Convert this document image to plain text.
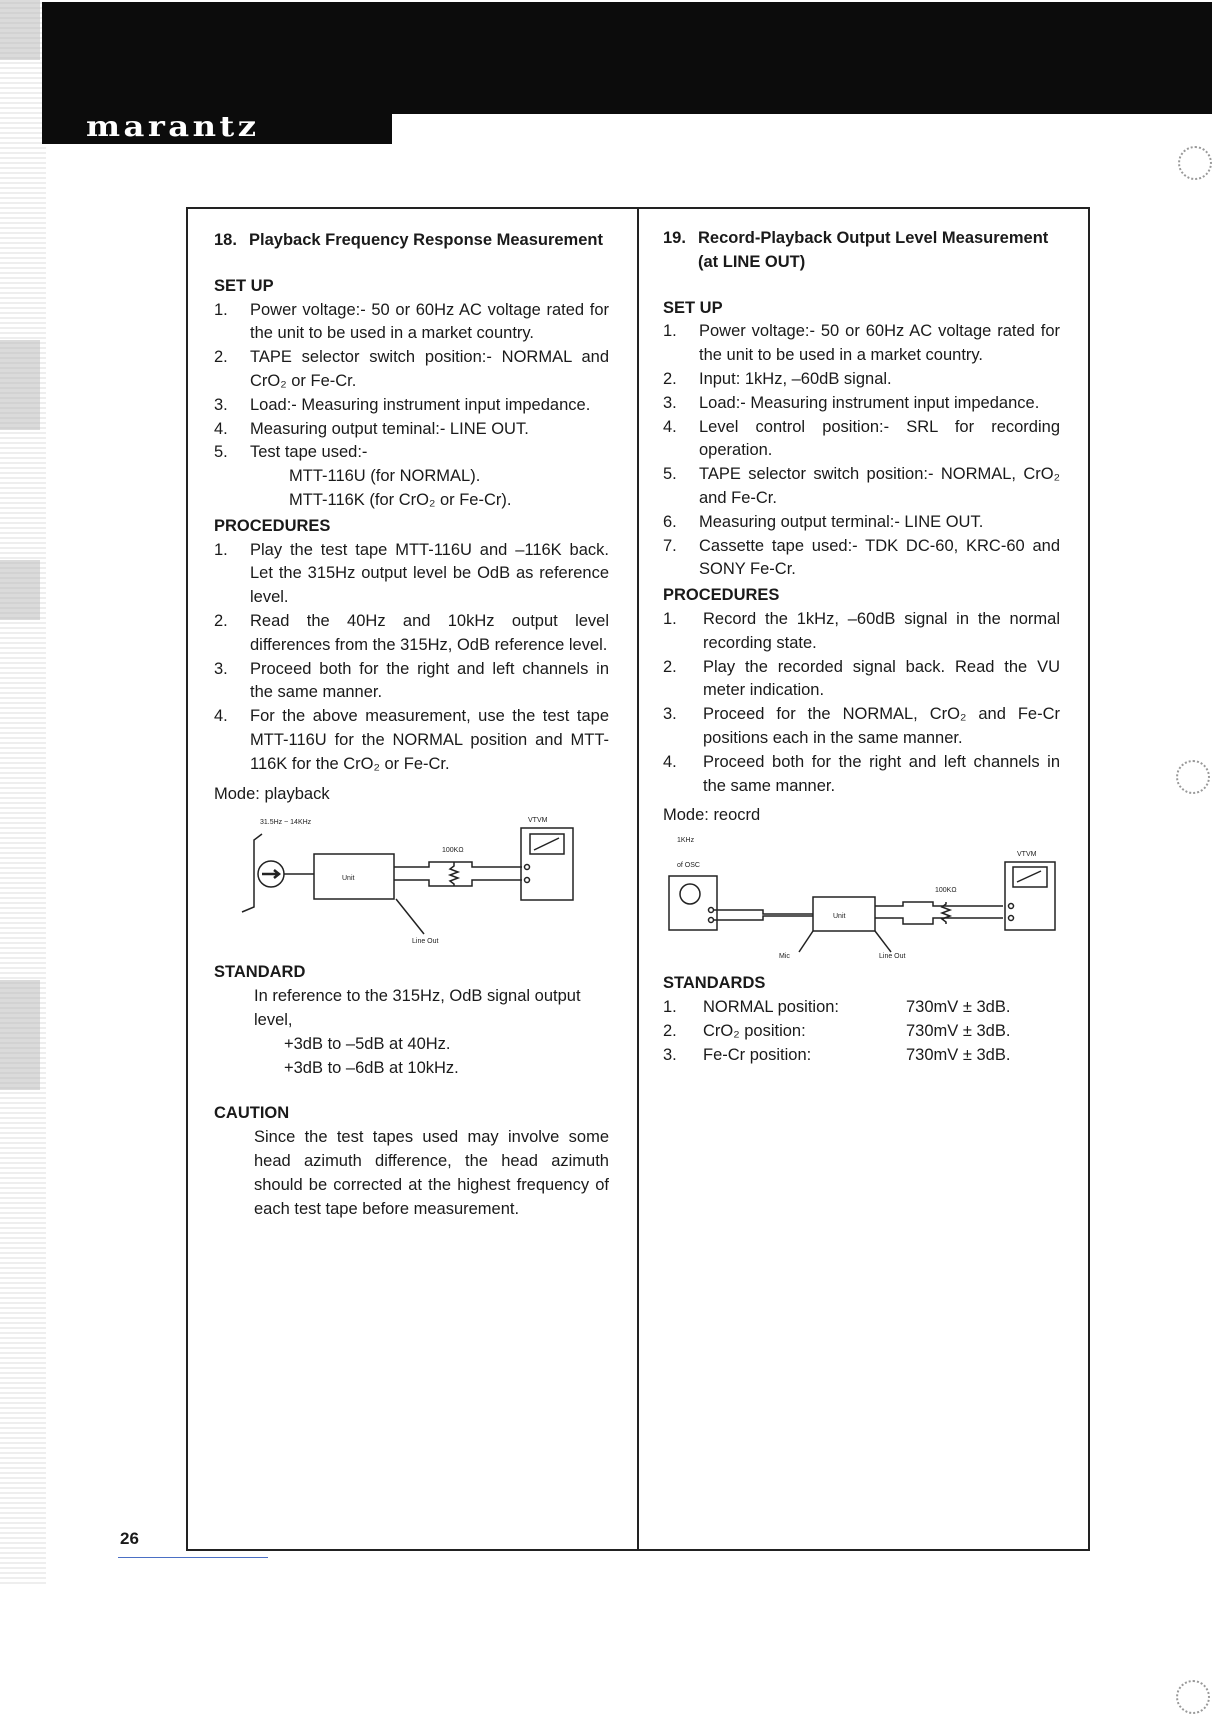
marantz
18. Playback Frequency Response Measurement
SET UP
1.	Power voltage:- 50 or 60Hz AC voltage rated for the unit to be used in a market country.
2.	TAPE selector switch position:- NORMAL and CrO₂ or Fe-Cr.
3.	Load:- Measuring instrument input impedance.
4.	Measuring output teminal:- LINE OUT.
5.	Test tape used:-
MTT-116U (for NORMAL).
MTT-116K (for CrO₂ or Fe-Cr).
PROCEDURES
1.	Play the test tape MTT-116U and –116K back. Let the 315Hz output level be OdB as reference level.
2.	Read the 40Hz and 10kHz output level differences from the 315Hz, OdB reference level.
3.	Proceed both for the right and left channels in the same manner.
4.	For the above measurement, use the test tape MTT-116U for the NORMAL position and MTT-116K for the CrO₂ or Fe-Cr.
Mode: playback
31.5Hz ~ 14KHz	VTVM
Unit
100KΩ
Line Out
STANDARD
In reference to the 315Hz, OdB signal output level,
+3dB to –5dB at 40Hz.
+3dB to –6dB at 10kHz.
CAUTION
Since the test tapes used may involve some head azimuth difference, the head azimuth should be corrected at the highest frequency of each test tape before measurement.
19. Record-Playback Output Level Measurement (at LINE OUT)
SET UP
1.	Power voltage:- 50 or 60Hz AC voltage rated for the unit to be used in a market country.
2.	Input: 1kHz, –60dB signal.
3.	Load:- Measuring instrument input impedance.
4.	Level control position:- SRL for recording operation.
5.	TAPE selector switch position:- NORMAL, CrO₂ and Fe-Cr.
6.	Measuring output terminal:- LINE OUT.
7.	Cassette tape used:- TDK DC-60, KRC-60 and SONY Fe-Cr.
PROCEDURES
1.	Record the 1kHz, –60dB signal in the normal recording state.
2.	Play the recorded signal back. Read the VU meter indication.
3.	Proceed for the NORMAL, CrO₂ and Fe-Cr positions each in the same manner.
4.	Proceed both for the right and left channels in the same manner.
Mode: reocrd
1KHz
of OSC
VTVM
Unit
Mic
100KΩ
Line Out
STANDARDS
1.	NORMAL position:	730mV ± 3dB.
2.	CrO₂ position:	730mV ± 3dB.
3.	Fe-Cr position:	730mV ± 3dB.
26
